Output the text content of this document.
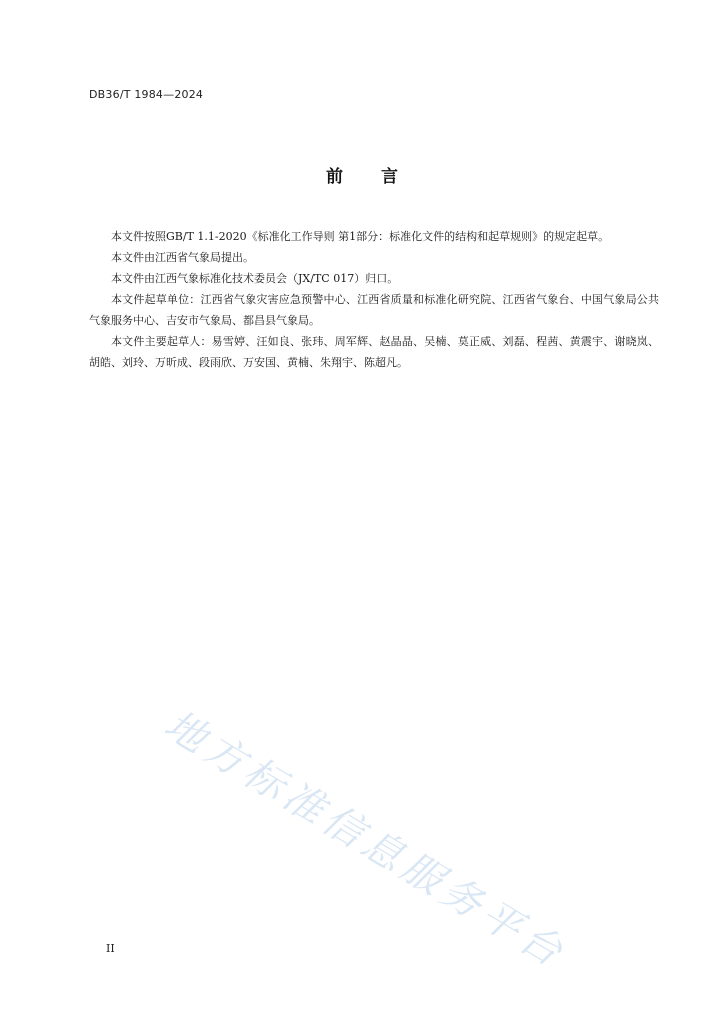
DB36/T 1984—2024
前言

本文件按照GB/T 1.1-2020《标准化工作导则 第1部分：标准化文件的结构和起草规则》的规定起草。

本文件由江西省气象局提出。

本文件由江西气象标准化技术委员会（JX/TC 017）归口。

本文件起草单位：江西省气象灾害应急预警中心、江西省质量和标准化研究院、江西省气象台、中国气象局公共气象服务中心、吉安市气象局、都昌县气象局。

本文件主要起草人：易雪婷、汪如良、张玮、周军辉、赵晶晶、吴楠、莫正威、刘磊、程茜、黄震宇、谢晓岚、胡皓、刘玲、万昕成、段雨欣、万安国、黄楠、朱翔宇、陈超凡。

地方标准信息服务平台
II
